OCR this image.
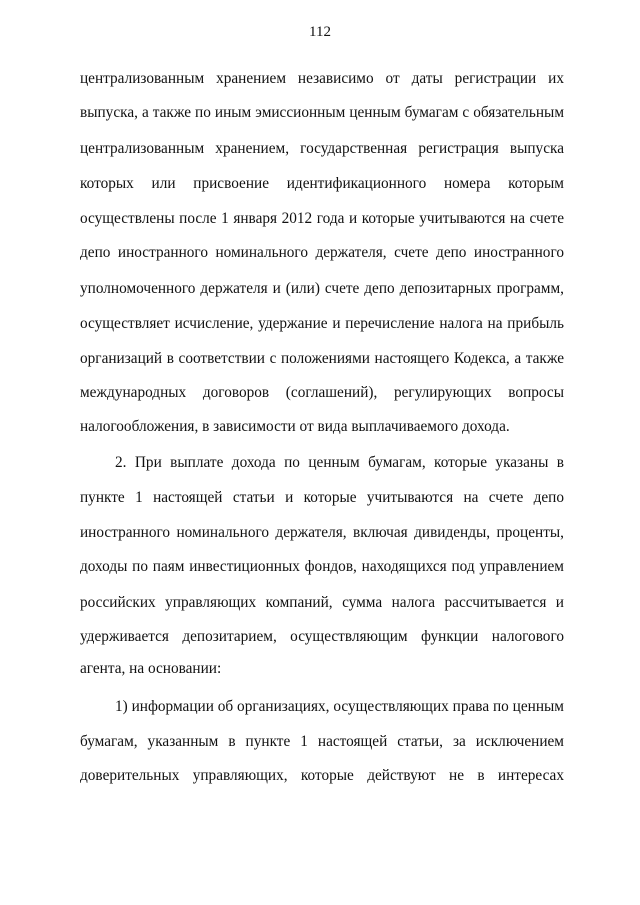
112
централизованным хранением независимо от даты регистрации их
выпуска, а также по иным эмиссионным ценным бумагам с обязательным
централизованным хранением, государственная регистрация выпуска
которых или присвоение идентификационного номера которым
осуществлены после 1 января 2012 года и которые учитываются на счете
депо иностранного номинального держателя, счете депо иностранного
уполномоченного держателя и (или) счете депо депозитарных программ,
осуществляет исчисление, удержание и перечисление налога на прибыль
организаций в соответствии с положениями настоящего Кодекса, а также
международных договоров (соглашений), регулирующих вопросы
налогообложения, в зависимости от вида выплачиваемого дохода.
2. При выплате дохода по ценным бумагам, которые указаны в
пункте 1 настоящей статьи и которые учитываются на счете депо
иностранного номинального держателя, включая дивиденды, проценты,
доходы по паям инвестиционных фондов, находящихся под управлением
российских управляющих компаний, сумма налога рассчитывается и
удерживается депозитарием, осуществляющим функции налогового
агента, на основании:
1) информации об организациях, осуществляющих права по ценным
бумагам, указанным в пункте 1 настоящей статьи, за исключением
доверительных управляющих, которые действуют не в интересах
